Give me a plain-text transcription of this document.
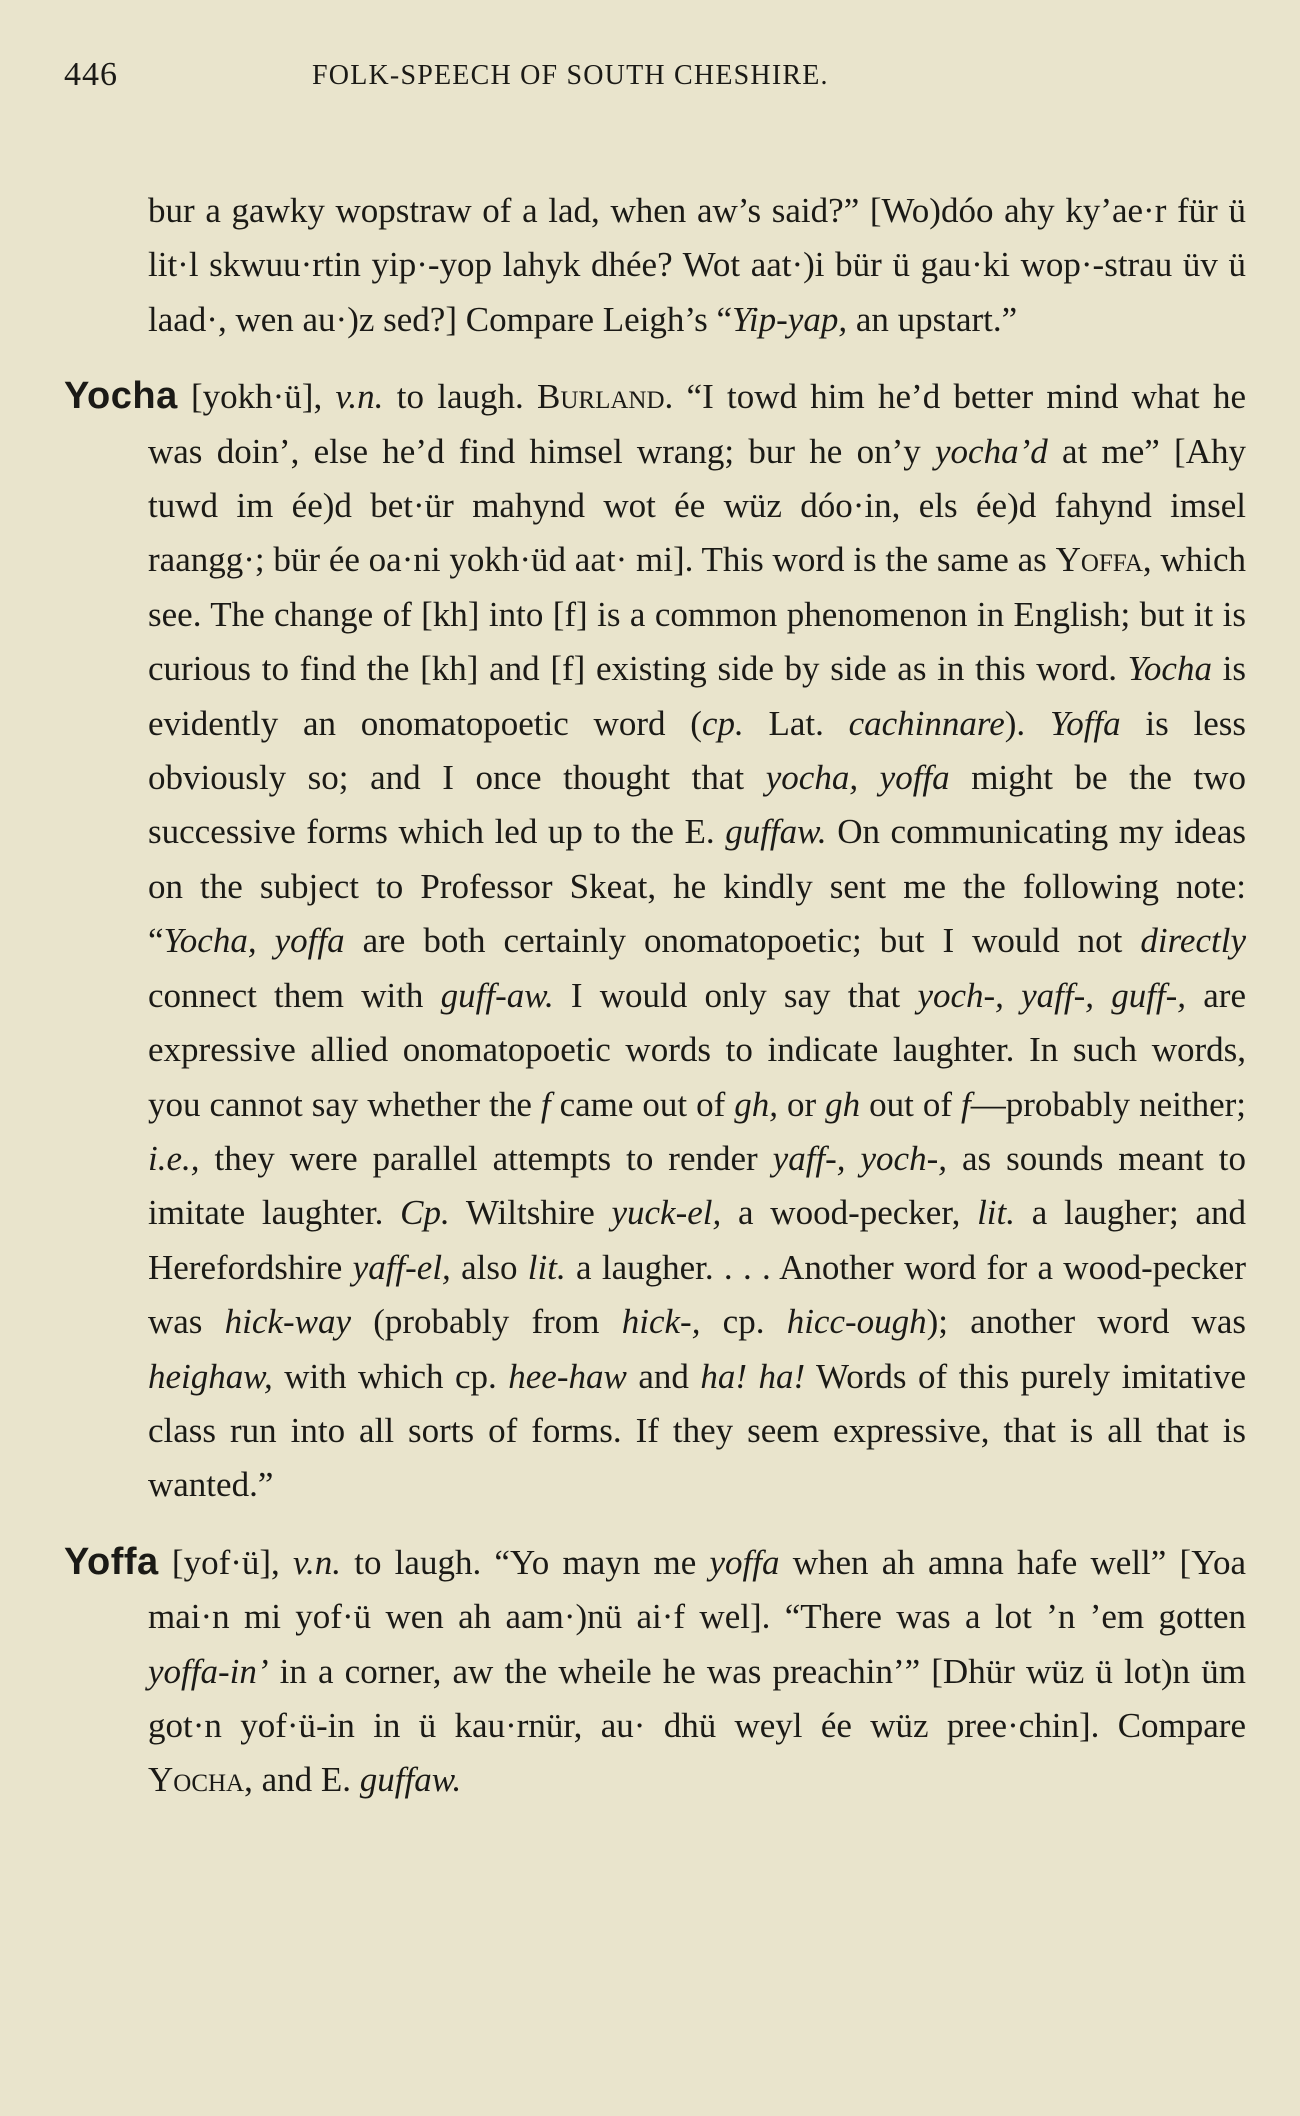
446	FOLK-SPEECH OF SOUTH CHESHIRE.

bur a gawky wopstraw of a lad, when aw’s said?” [Wo)dóo ahy ky’ae·r für ü lit·l skwuu·rtin yip·-yop lahyk dhée? Wot aat·)i bür ü gau·ki wop·-strau üv ü laad·, wen au·)z sed?] Compare Leigh’s “Yip-yap, an upstart.”

Yocha [yokh·ü], v.n. to laugh. Burland. “I towd him he’d better mind what he was doin’, else he’d find himsel wrang; bur he on’y yocha’d at me” [Ahy tuwd im ée)d bet·ür mahynd wot ée wüz dóo·in, els ée)d fahynd imsel raangg·; bür ée oa·ni yokh·üd aat· mi]. This word is the same as Yoffa, which see. The change of [kh] into [f] is a common phenomenon in English; but it is curious to find the [kh] and [f] existing side by side as in this word. Yocha is evidently an onomatopoetic word (cp. Lat. cachinnare). Yoffa is less obviously so; and I once thought that yocha, yoffa might be the two successive forms which led up to the E. guffaw. On communicating my ideas on the subject to Professor Skeat, he kindly sent me the following note: “Yocha, yoffa are both certainly onomatopoetic; but I would not directly connect them with guff-aw. I would only say that yoch-, yaff-, guff-, are expressive allied onomatopoetic words to indicate laughter. In such words, you cannot say whether the f came out of gh, or gh out of f—probably neither; i.e., they were parallel attempts to render yaff-, yoch-, as sounds meant to imitate laughter. Cp. Wiltshire yuck-el, a wood-pecker, lit. a laugher; and Herefordshire yaff-el, also lit. a laugher. . . . Another word for a wood-pecker was hick-way (probably from hick-, cp. hicc-ough); another word was heighaw, with which cp. hee-haw and ha! ha! Words of this purely imitative class run into all sorts of forms. If they seem expressive, that is all that is wanted.”

Yoffa [yof·ü], v.n. to laugh. “Yo mayn me yoffa when ah amna hafe well” [Yoa mai·n mi yof·ü wen ah aam·)nü ai·f wel]. “There was a lot ’n ’em gotten yoffa-in’ in a corner, aw the wheile he was preachin’” [Dhür wüz ü lot)n üm got·n yof·ü-in in ü kau·rnür, au· dhü weyl ée wüz pree·chin]. Compare Yocha, and E. guffaw.
